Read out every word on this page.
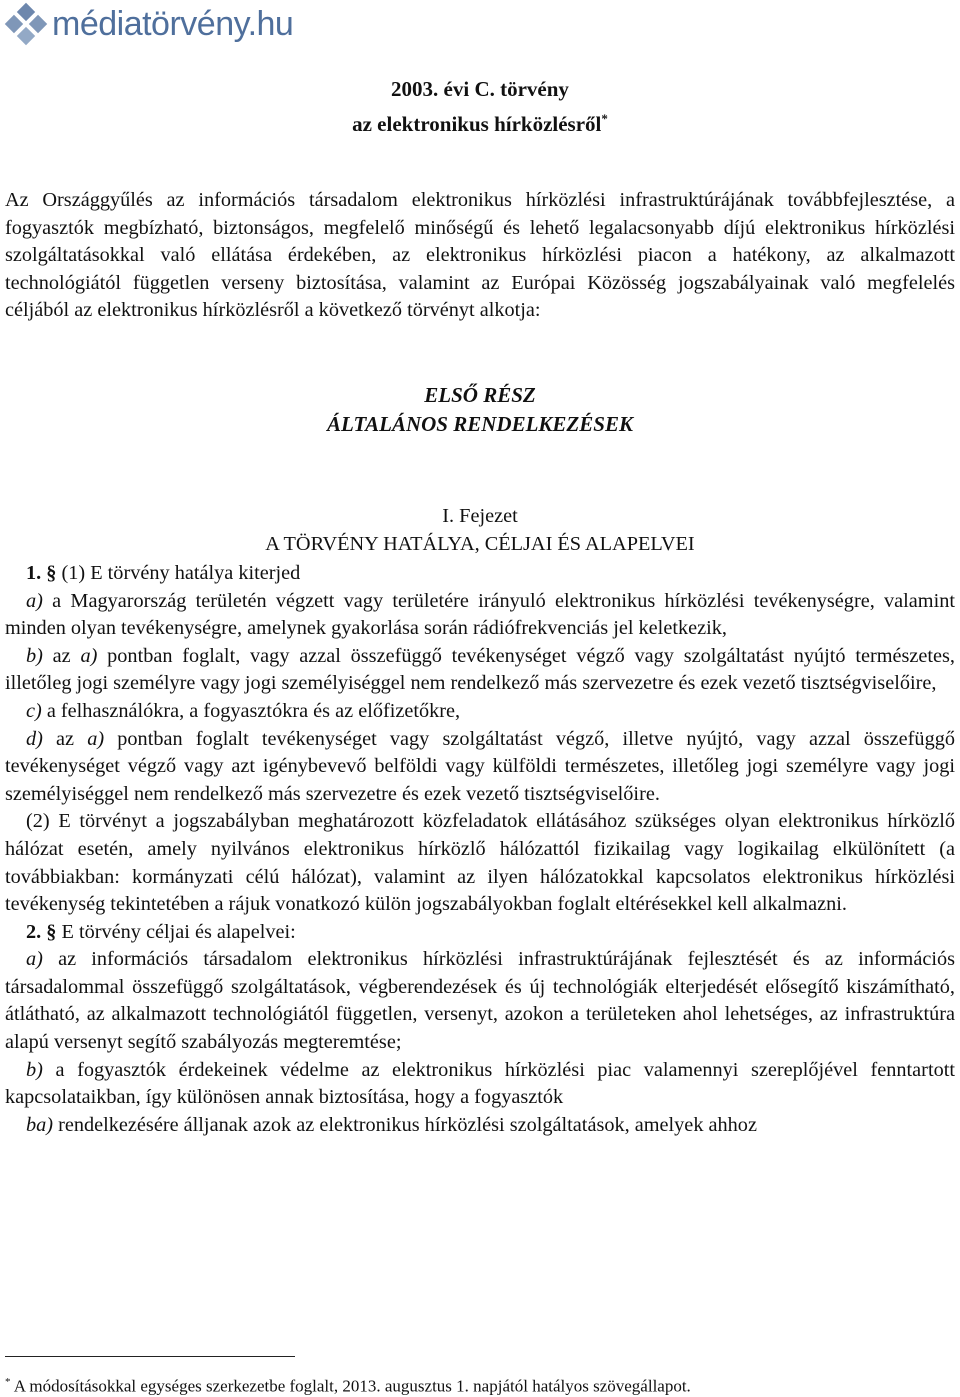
médiatörvény.hu
2003. évi C. törvény
az elektronikus hírközlésről*

Az Országgyűlés az információs társadalom elektronikus hírközlési infrastruktúrájának továbbfejlesztése, a fogyasztók megbízható, biztonságos, megfelelő minőségű és lehető legalacsonyabb díjú elektronikus hírközlési szolgáltatásokkal való ellátása érdekében, az elektronikus hírközlési piacon a hatékony, az alkalmazott technológiától független verseny biztosítása, valamint az Európai Közösség jogszabályainak való megfelelés céljából az elektronikus hírközlésről a következő törvényt alkotja:

ELSŐ RÉSZ
ÁLTALÁNOS RENDELKEZÉSEK
I. Fejezet
A TÖRVÉNY HATÁLYA, CÉLJAI ÉS ALAPELVEI

1. § (1) E törvény hatálya kiterjed

a) a Magyarország területén végzett vagy területére irányuló elektronikus hírközlési tevékenységre, valamint minden olyan tevékenységre, amelynek gyakorlása során rádiófrekvenciás jel keletkezik,

b) az a) pontban foglalt, vagy azzal összefüggő tevékenységet végző vagy szolgáltatást nyújtó természetes, illetőleg jogi személyre vagy jogi személyiséggel nem rendelkező más szervezetre és ezek vezető tisztségviselőire,

c) a felhasználókra, a fogyasztókra és az előfizetőkre,

d) az a) pontban foglalt tevékenységet vagy szolgáltatást végző, illetve nyújtó, vagy azzal összefüggő tevékenységet végző vagy azt igénybevevő belföldi vagy külföldi természetes, illetőleg jogi személyre vagy jogi személyiséggel nem rendelkező más szervezetre és ezek vezető tisztségviselőire.

(2) E törvényt a jogszabályban meghatározott közfeladatok ellátásához szükséges olyan elektronikus hírközlő hálózat esetén, amely nyilvános elektronikus hírközlő hálózattól fizikailag vagy logikailag elkülönített (a továbbiakban: kormányzati célú hálózat), valamint az ilyen hálózatokkal kapcsolatos elektronikus hírközlési tevékenység tekintetében a rájuk vonatkozó külön jogszabályokban foglalt eltérésekkel kell alkalmazni.

2. § E törvény céljai és alapelvei:

a) az információs társadalom elektronikus hírközlési infrastruktúrájának fejlesztését és az információs társadalommal összefüggő szolgáltatások, végberendezések és új technológiák elterjedését elősegítő kiszámítható, átlátható, az alkalmazott technológiától független, versenyt, azokon a területeken ahol lehetséges, az infrastruktúra alapú versenyt segítő szabályozás megteremtése;

b) a fogyasztók érdekeinek védelme az elektronikus hírközlési piac valamennyi szereplőjével fenntartott kapcsolataikban, így különösen annak biztosítása, hogy a fogyasztók

ba) rendelkezésére álljanak azok az elektronikus hírközlési szolgáltatások, amelyek ahhoz

* A módosításokkal egységes szerkezetbe foglalt, 2013. augusztus 1. napjától hatályos szövegállapot.
